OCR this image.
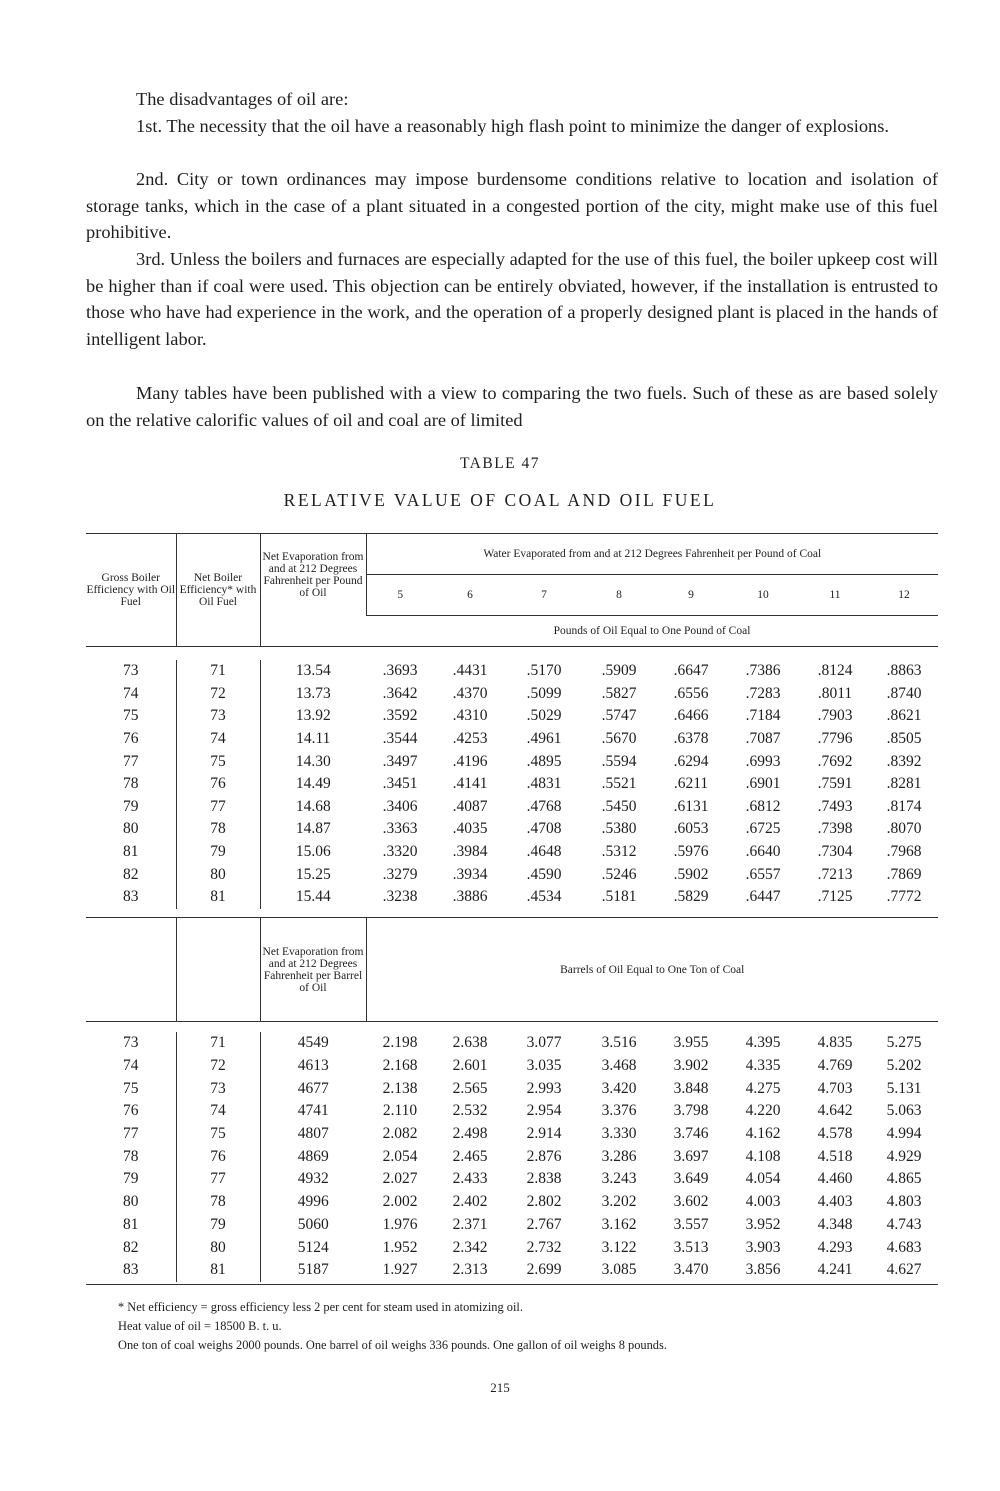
The disadvantages of oil are:

1st. The necessity that the oil have a reasonably high flash point to minimize the danger of explosions.

2nd. City or town ordinances may impose burdensome conditions relative to location and isolation of storage tanks, which in the case of a plant situated in a congested portion of the city, might make use of this fuel prohibitive.

3rd. Unless the boilers and furnaces are especially adapted for the use of this fuel, the boiler upkeep cost will be higher than if coal were used. This objection can be entirely obviated, however, if the installation is entrusted to those who have had experience in the work, and the operation of a properly designed plant is placed in the hands of intelligent labor.

Many tables have been published with a view to comparing the two fuels. Such of these as are based solely on the relative calorific values of oil and coal are of limited

TABLE 47
RELATIVE VALUE OF COAL AND OIL FUEL
Gross Boiler Efficiency with Oil Fuel	Net Boiler Efficiency* with Oil Fuel	Net Evaporation from and at 212 Degrees Fahrenheit per Pound of Oil	Water Evaporated from and at 212 Degrees Fahrenheit per Pound of Coal							
			5	6	7	8	9	10	11	12
			Pounds of Oil Equal to One Pound of Coal							
73	71	13.54	.3693	.4431	.5170	.5909	.6647	.7386	.8124	.8863
74	72	13.73	.3642	.4370	.5099	.5827	.6556	.7283	.8011	.8740
75	73	13.92	.3592	.4310	.5029	.5747	.6466	.7184	.7903	.8621
76	74	14.11	.3544	.4253	.4961	.5670	.6378	.7087	.7796	.8505
77	75	14.30	.3497	.4196	.4895	.5594	.6294	.6993	.7692	.8392
78	76	14.49	.3451	.4141	.4831	.5521	.6211	.6901	.7591	.8281
79	77	14.68	.3406	.4087	.4768	.5450	.6131	.6812	.7493	.8174
80	78	14.87	.3363	.4035	.4708	.5380	.6053	.6725	.7398	.8070
81	79	15.06	.3320	.3984	.4648	.5312	.5976	.6640	.7304	.7968
82	80	15.25	.3279	.3934	.4590	.5246	.5902	.6557	.7213	.7869
83	81	15.44	.3238	.3886	.4534	.5181	.5829	.6447	.7125	.7772
		Net Evaporation from and at 212 Degrees Fahrenheit per Barrel of Oil	Barrels of Oil Equal to One Ton of Coal
73	71	4549	2.198	2.638	3.077	3.516	3.955	4.395	4.835	5.275
74	72	4613	2.168	2.601	3.035	3.468	3.902	4.335	4.769	5.202
75	73	4677	2.138	2.565	2.993	3.420	3.848	4.275	4.703	5.131
76	74	4741	2.110	2.532	2.954	3.376	3.798	4.220	4.642	5.063
77	75	4807	2.082	2.498	2.914	3.330	3.746	4.162	4.578	4.994
78	76	4869	2.054	2.465	2.876	3.286	3.697	4.108	4.518	4.929
79	77	4932	2.027	2.433	2.838	3.243	3.649	4.054	4.460	4.865
80	78	4996	2.002	2.402	2.802	3.202	3.602	4.003	4.403	4.803
81	79	5060	1.976	2.371	2.767	3.162	3.557	3.952	4.348	4.743
82	80	5124	1.952	2.342	2.732	3.122	3.513	3.903	4.293	4.683
83	81	5187	1.927	2.313	2.699	3.085	3.470	3.856	4.241	4.627
* Net efficiency = gross efficiency less 2 per cent for steam used in atomizing oil.
Heat value of oil = 18500 B. t. u.
One ton of coal weighs 2000 pounds. One barrel of oil weighs 336 pounds. One gallon of oil weighs 8 pounds.
215
